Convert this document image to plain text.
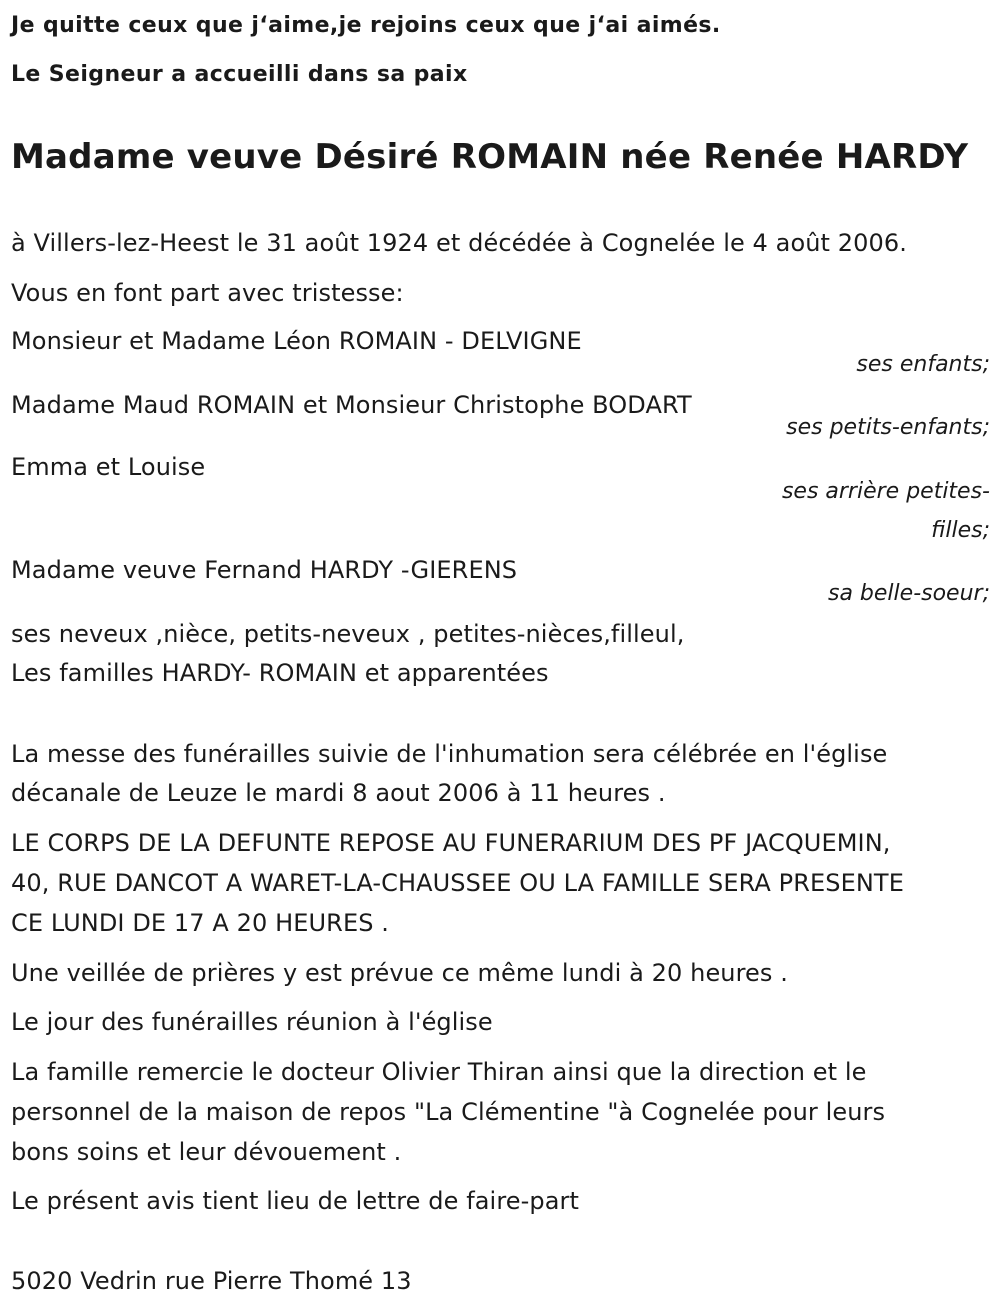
Je quitte ceux que j‘aime,je rejoins ceux que j‘ai aimés.
Le Seigneur a accueilli dans sa paix
Madame veuve Désiré ROMAIN née Renée HARDY
à Villers-lez-Heest le 31 août 1924 et décédée à Cognelée le 4 août 2006.
Vous en font part avec tristesse:
Monsieur et Madame Léon ROMAIN - DELVIGNE
ses enfants;
Madame Maud ROMAIN et Monsieur Christophe BODART
ses petits-enfants;
Emma et Louise
ses arrière petites-
filles;
Madame veuve Fernand HARDY -GIERENS
sa belle-soeur;
ses neveux ,nièce, petits-neveux , petites-nièces,filleul,
Les familles HARDY- ROMAIN et apparentées
La messe des funérailles suivie de l'inhumation sera célébrée en l'église
décanale de Leuze le mardi 8 aout 2006 à 11 heures .
LE CORPS DE LA DEFUNTE REPOSE AU FUNERARIUM DES PF JACQUEMIN,
40, RUE DANCOT A WARET-LA-CHAUSSEE OU LA FAMILLE SERA PRESENTE
CE LUNDI DE 17 A 20 HEURES .
Une veillée de prières y est prévue ce même lundi à 20 heures .
Le jour des funérailles réunion à l'église
La famille remercie le docteur Olivier Thiran ainsi que la direction et le
personnel de la maison de repos "La Clémentine "à Cognelée pour leurs
bons soins et leur dévouement .
Le présent avis tient lieu de lettre de faire-part
5020 Vedrin rue Pierre Thomé 13
